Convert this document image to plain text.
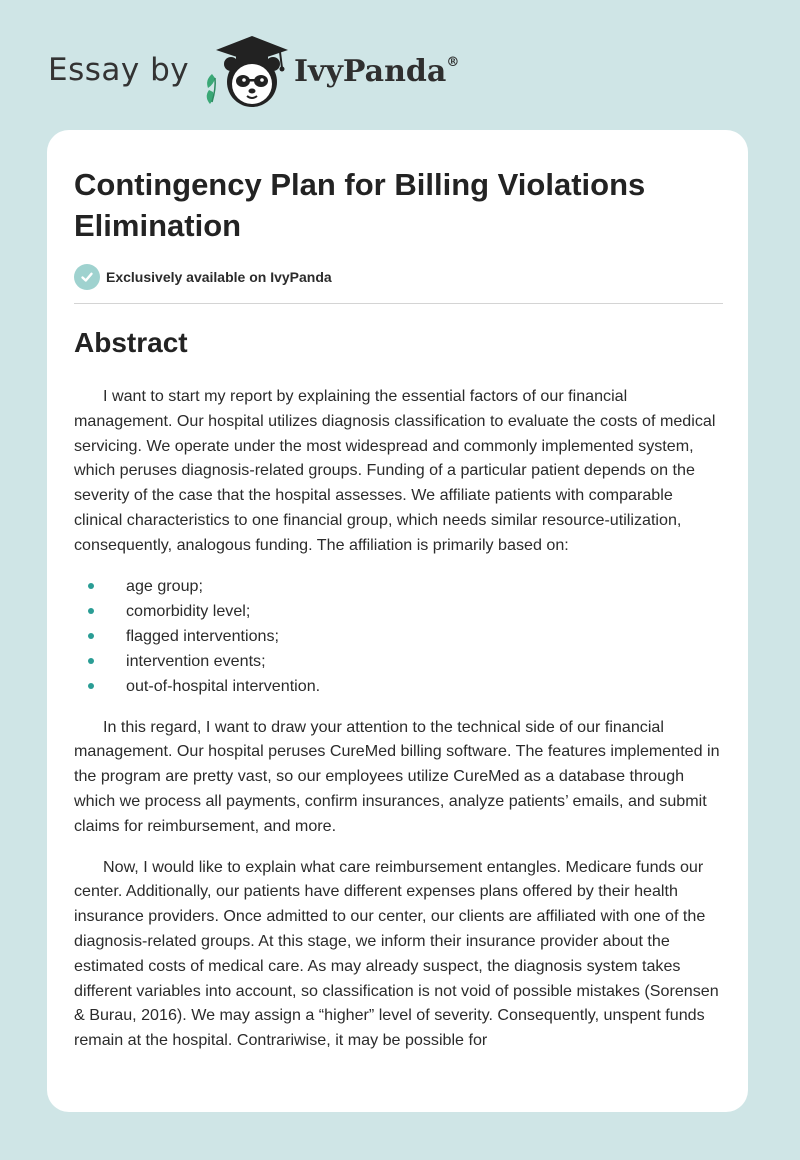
Essay by	IvyPanda®
Contingency Plan for Billing Violations Elimination
Exclusively available on IvyPanda
Abstract

I want to start my report by explaining the essential factors of our financial management. Our hospital utilizes diagnosis classification to evaluate the costs of medical servicing. We operate under the most widespread and commonly implemented system, which peruses diagnosis-related groups. Funding of a particular patient depends on the severity of the case that the hospital assesses. We affiliate patients with comparable clinical characteristics to one financial group, which needs similar resource-utilization, consequently, analogous funding. The affiliation is primarily based on:

age group;
comorbidity level;
flagged interventions;
intervention events;
out-of-hospital intervention.

In this regard, I want to draw your attention to the technical side of our financial management. Our hospital peruses CureMed billing software. The features implemented in the program are pretty vast, so our employees utilize CureMed as a database through which we process all payments, confirm insurances, analyze patients’ emails, and submit claims for reimbursement, and more.

Now, I would like to explain what care reimbursement entangles. Medicare funds our center. Additionally, our patients have different expenses plans offered by their health insurance providers. Once admitted to our center, our clients are affiliated with one of the diagnosis-related groups. At this stage, we inform their insurance provider about the estimated costs of medical care. As may already suspect, the diagnosis system takes different variables into account, so classification is not void of possible mistakes (Sorensen & Burau, 2016). We may assign a “higher” level of severity. Consequently, unspent funds remain at the hospital. Contrariwise, it may be possible for
